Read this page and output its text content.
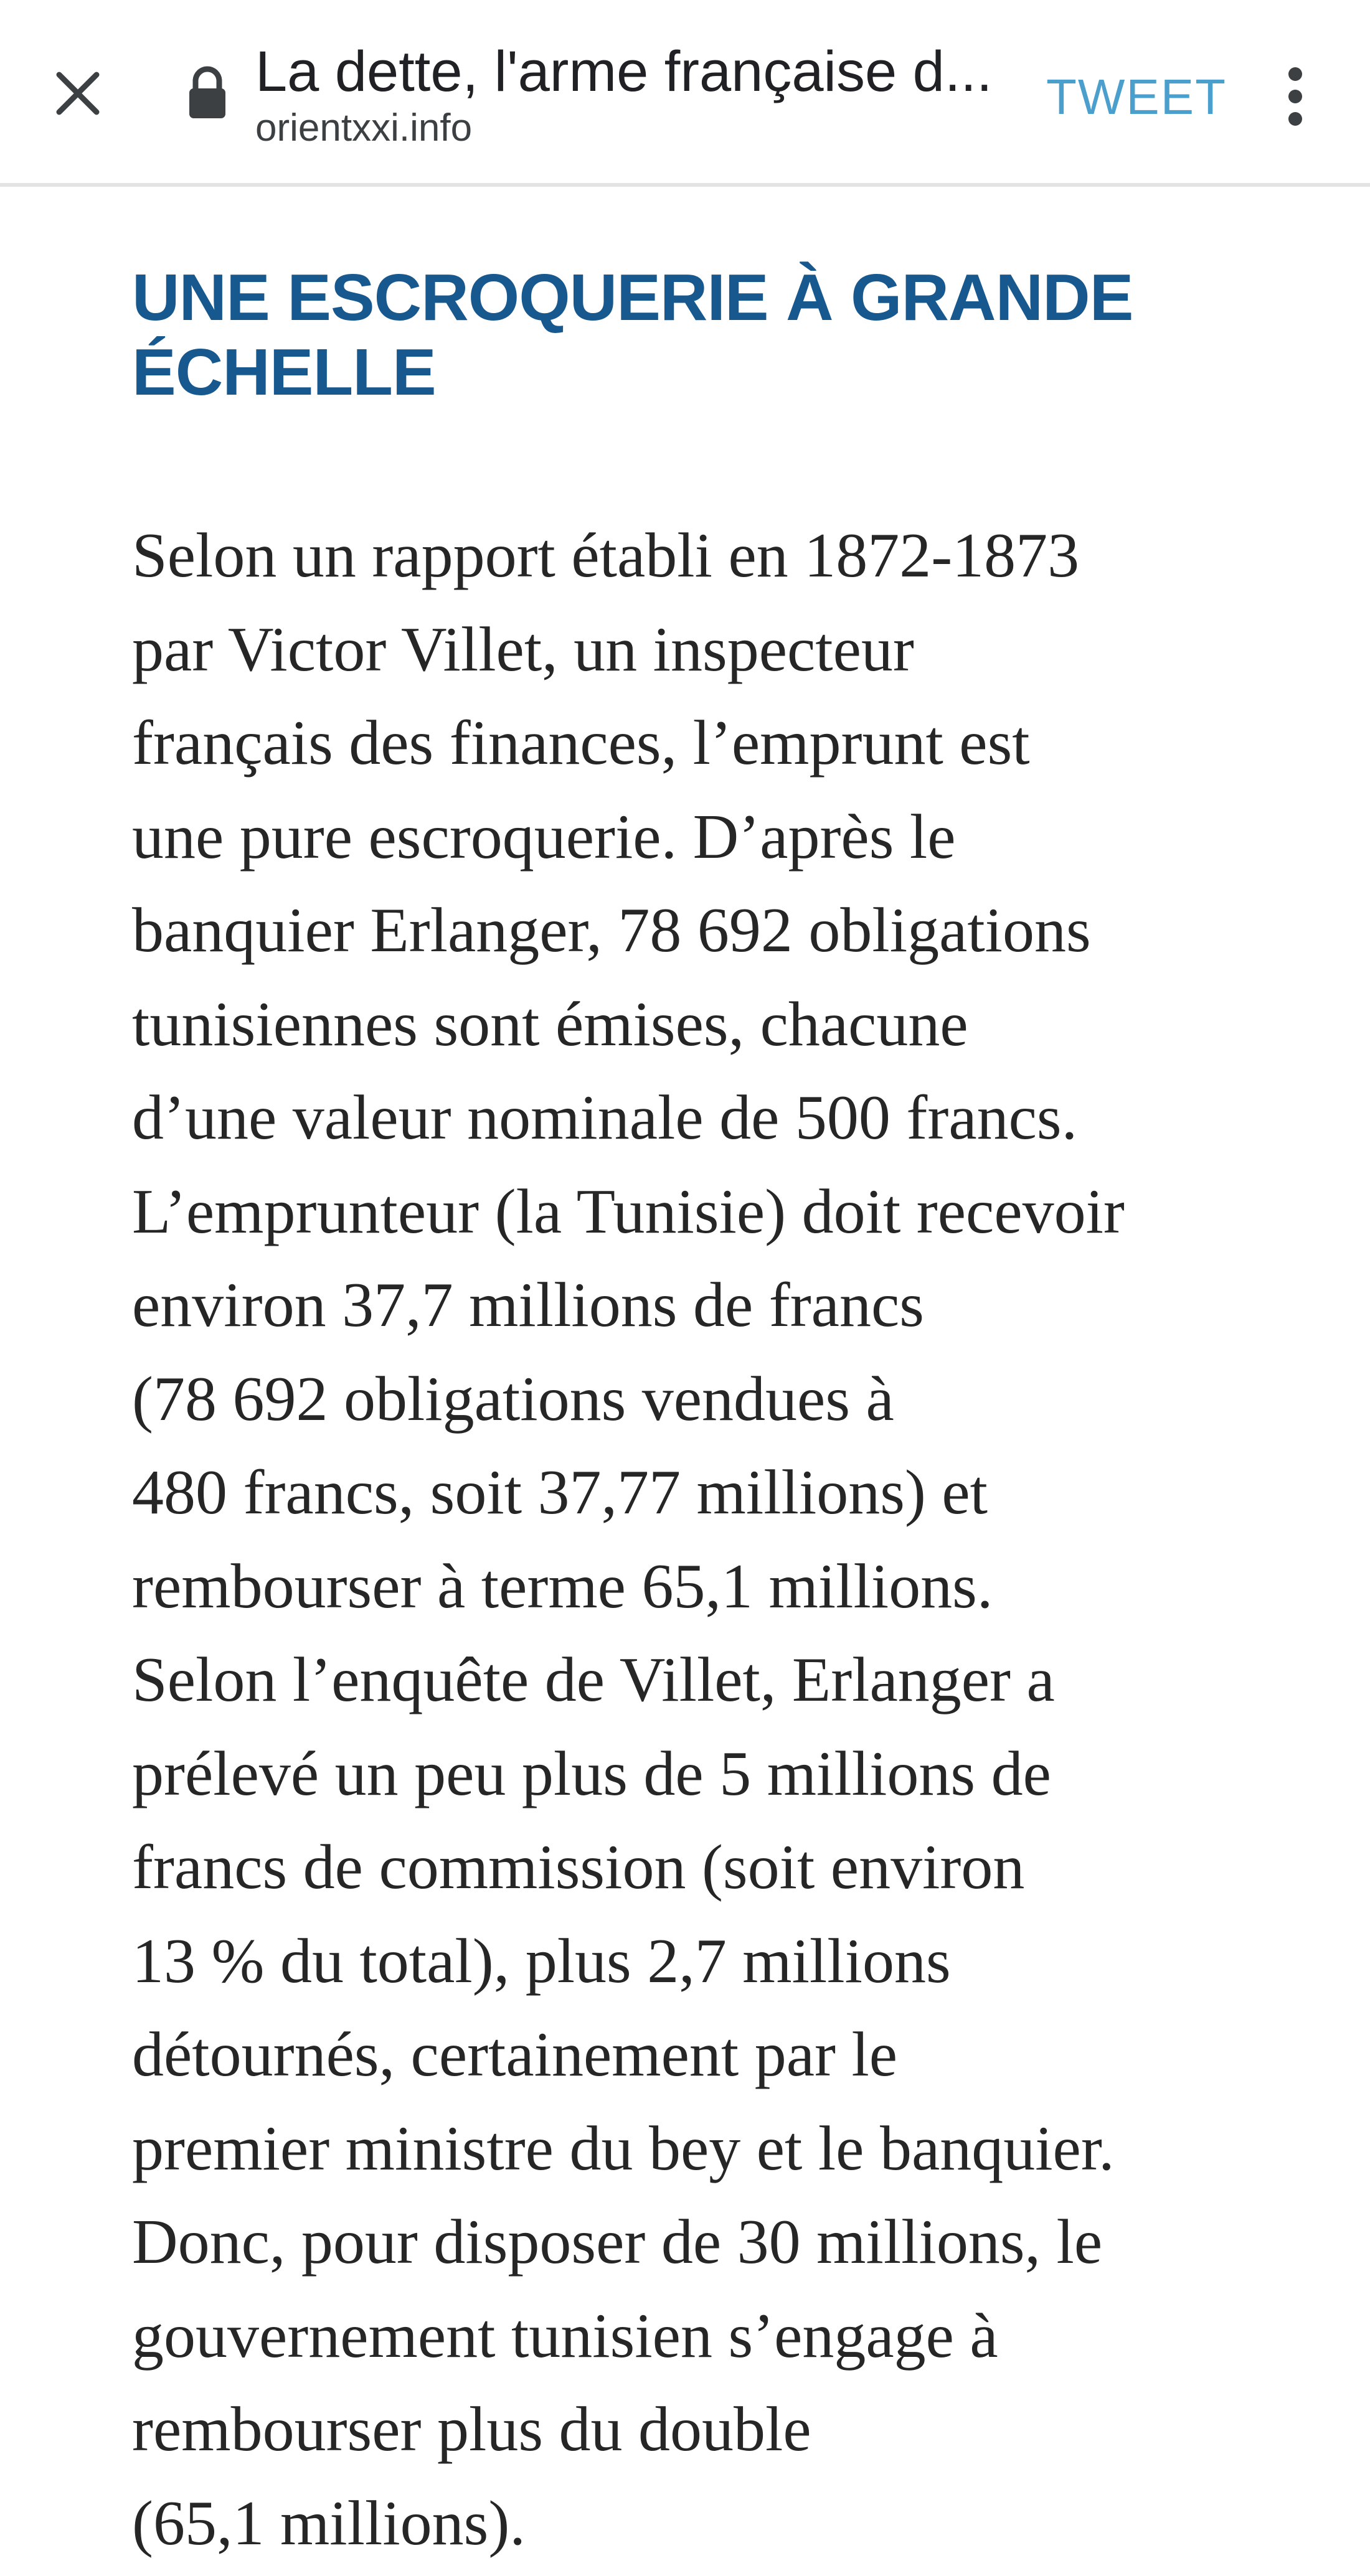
La dette, l'arme française d...
orientxxi.info
TWEET
UNE ESCROQUERIE À GRANDE
ÉCHELLE
Selon un rapport établi en 1872-1873
par Victor Villet, un inspecteur
français des finances, l’emprunt est
une pure escroquerie. D’après le
banquier Erlanger, 78 692 obligations
tunisiennes sont émises, chacune
d’une valeur nominale de 500 francs.
L’emprunteur (la Tunisie) doit recevoir
environ 37,7 millions de francs
(78 692 obligations vendues à
480 francs, soit 37,77 millions) et
rembourser à terme 65,1 millions.
Selon l’enquête de Villet, Erlanger a
prélevé un peu plus de 5 millions de
francs de commission (soit environ
13 % du total), plus 2,7 millions
détournés, certainement par le
premier ministre du bey et le banquier.
Donc, pour disposer de 30 millions, le
gouvernement tunisien s’engage à
rembourser plus du double
(65,1 millions).
